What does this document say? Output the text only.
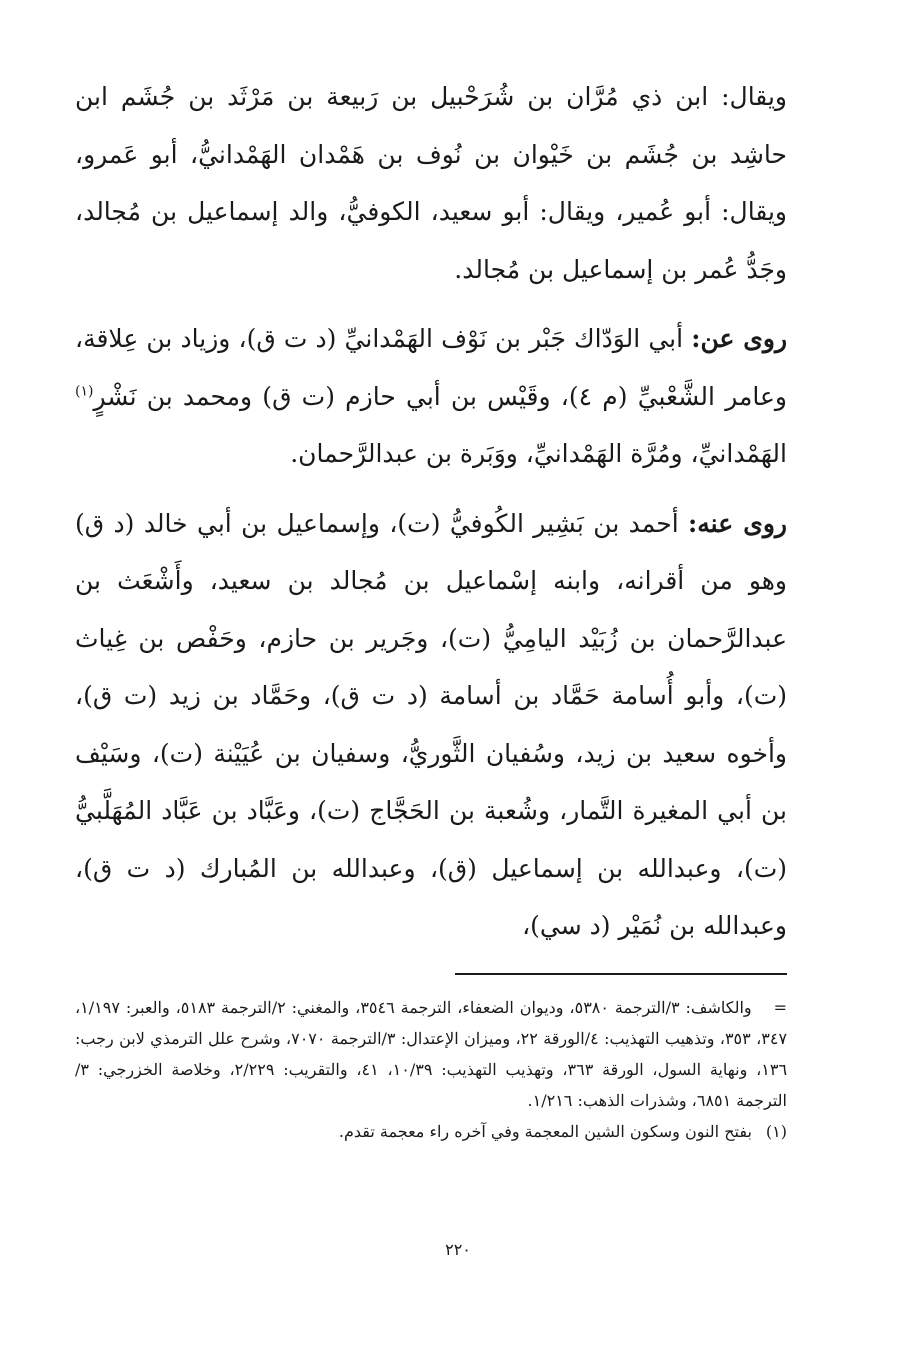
ويقال: ابن ذي مُرَّان بن شُرَحْبيل بن رَبيعة بن مَرْثَد بن جُشَم ابن حاشِد بن جُشَم بن خَيْوان بن نُوف بن هَمْدان الهَمْدانيُّ، أبو عَمرو، ويقال: أبو عُمير، ويقال: أبو سعيد، الكوفيُّ، والد إسماعيل بن مُجالد، وجَدُّ عُمر بن إسماعيل بن مُجالد.

روى عن: أبي الوَدّاك جَبْر بن نَوْف الهَمْدانيِّ (د ت ق)، وزياد بن عِلاقة، وعامر الشَّعْبيِّ (م ٤)، وقَيْس بن أبي حازم (ت ق) ومحمد بن نَشْرٍ$^{(١)}$ الهَمْدانيِّ، ومُرَّة الهَمْدانيِّ، ووَبَرة بن عبدالرَّحمان.

روى عنه: أحمد بن بَشِير الكُوفيُّ (ت)، وإسماعيل بن أبي خالد (د ق) وهو من أقرانه، وابنه إسْماعيل بن مُجالد بن سعيد، وأَشْعَث بن عبدالرَّحمان بن زُبَيْد اليامِيُّ (ت)، وجَرير بن حازم، وحَفْص بن غِياث (ت)، وأبو أُسامة حَمَّاد بن أسامة (د ت ق)، وحَمَّاد بن زيد (ت ق)، وأخوه سعيد بن زيد، وسُفيان الثَّوريُّ، وسفيان بن عُيَيْنة (ت)، وسَيْف بن أبي المغيرة التَّمار، وشُعبة بن الحَجَّاج (ت)، وعَبَّاد بن عَبَّاد المُهَلَّبيُّ (ت)، وعبدالله بن إسماعيل (ق)، وعبدالله بن المُبارك (د ت ق)، وعبدالله بن نُمَيْر (د سي)،

=والكاشف: ٣/الترجمة ٥٣٨٠، وديوان الضعفاء، الترجمة ٣٥٤٦، والمغني: ٢/الترجمة ٥١٨٣، والعبر: ١/١٩٧، ٣٤٧، ٣٥٣، وتذهيب التهذيب: ٤/الورقة ٢٢، وميزان الإعتدال: ٣/الترجمة ٧٠٧٠، وشرح علل الترمذي لابن رجب: ١٣٦، ونهاية السول، الورقة ٣٦٣، وتهذيب التهذيب: ١٠/٣٩، ٤١، والتقريب: ٢/٢٢٩، وخلاصة الخزرجي: ٣/الترجمة ٦٨٥١، وشذرات الذهب: ١/٢١٦.

(١)بفتح النون وسكون الشين المعجمة وفي آخره راء معجمة تقدم.

٢٢٠
